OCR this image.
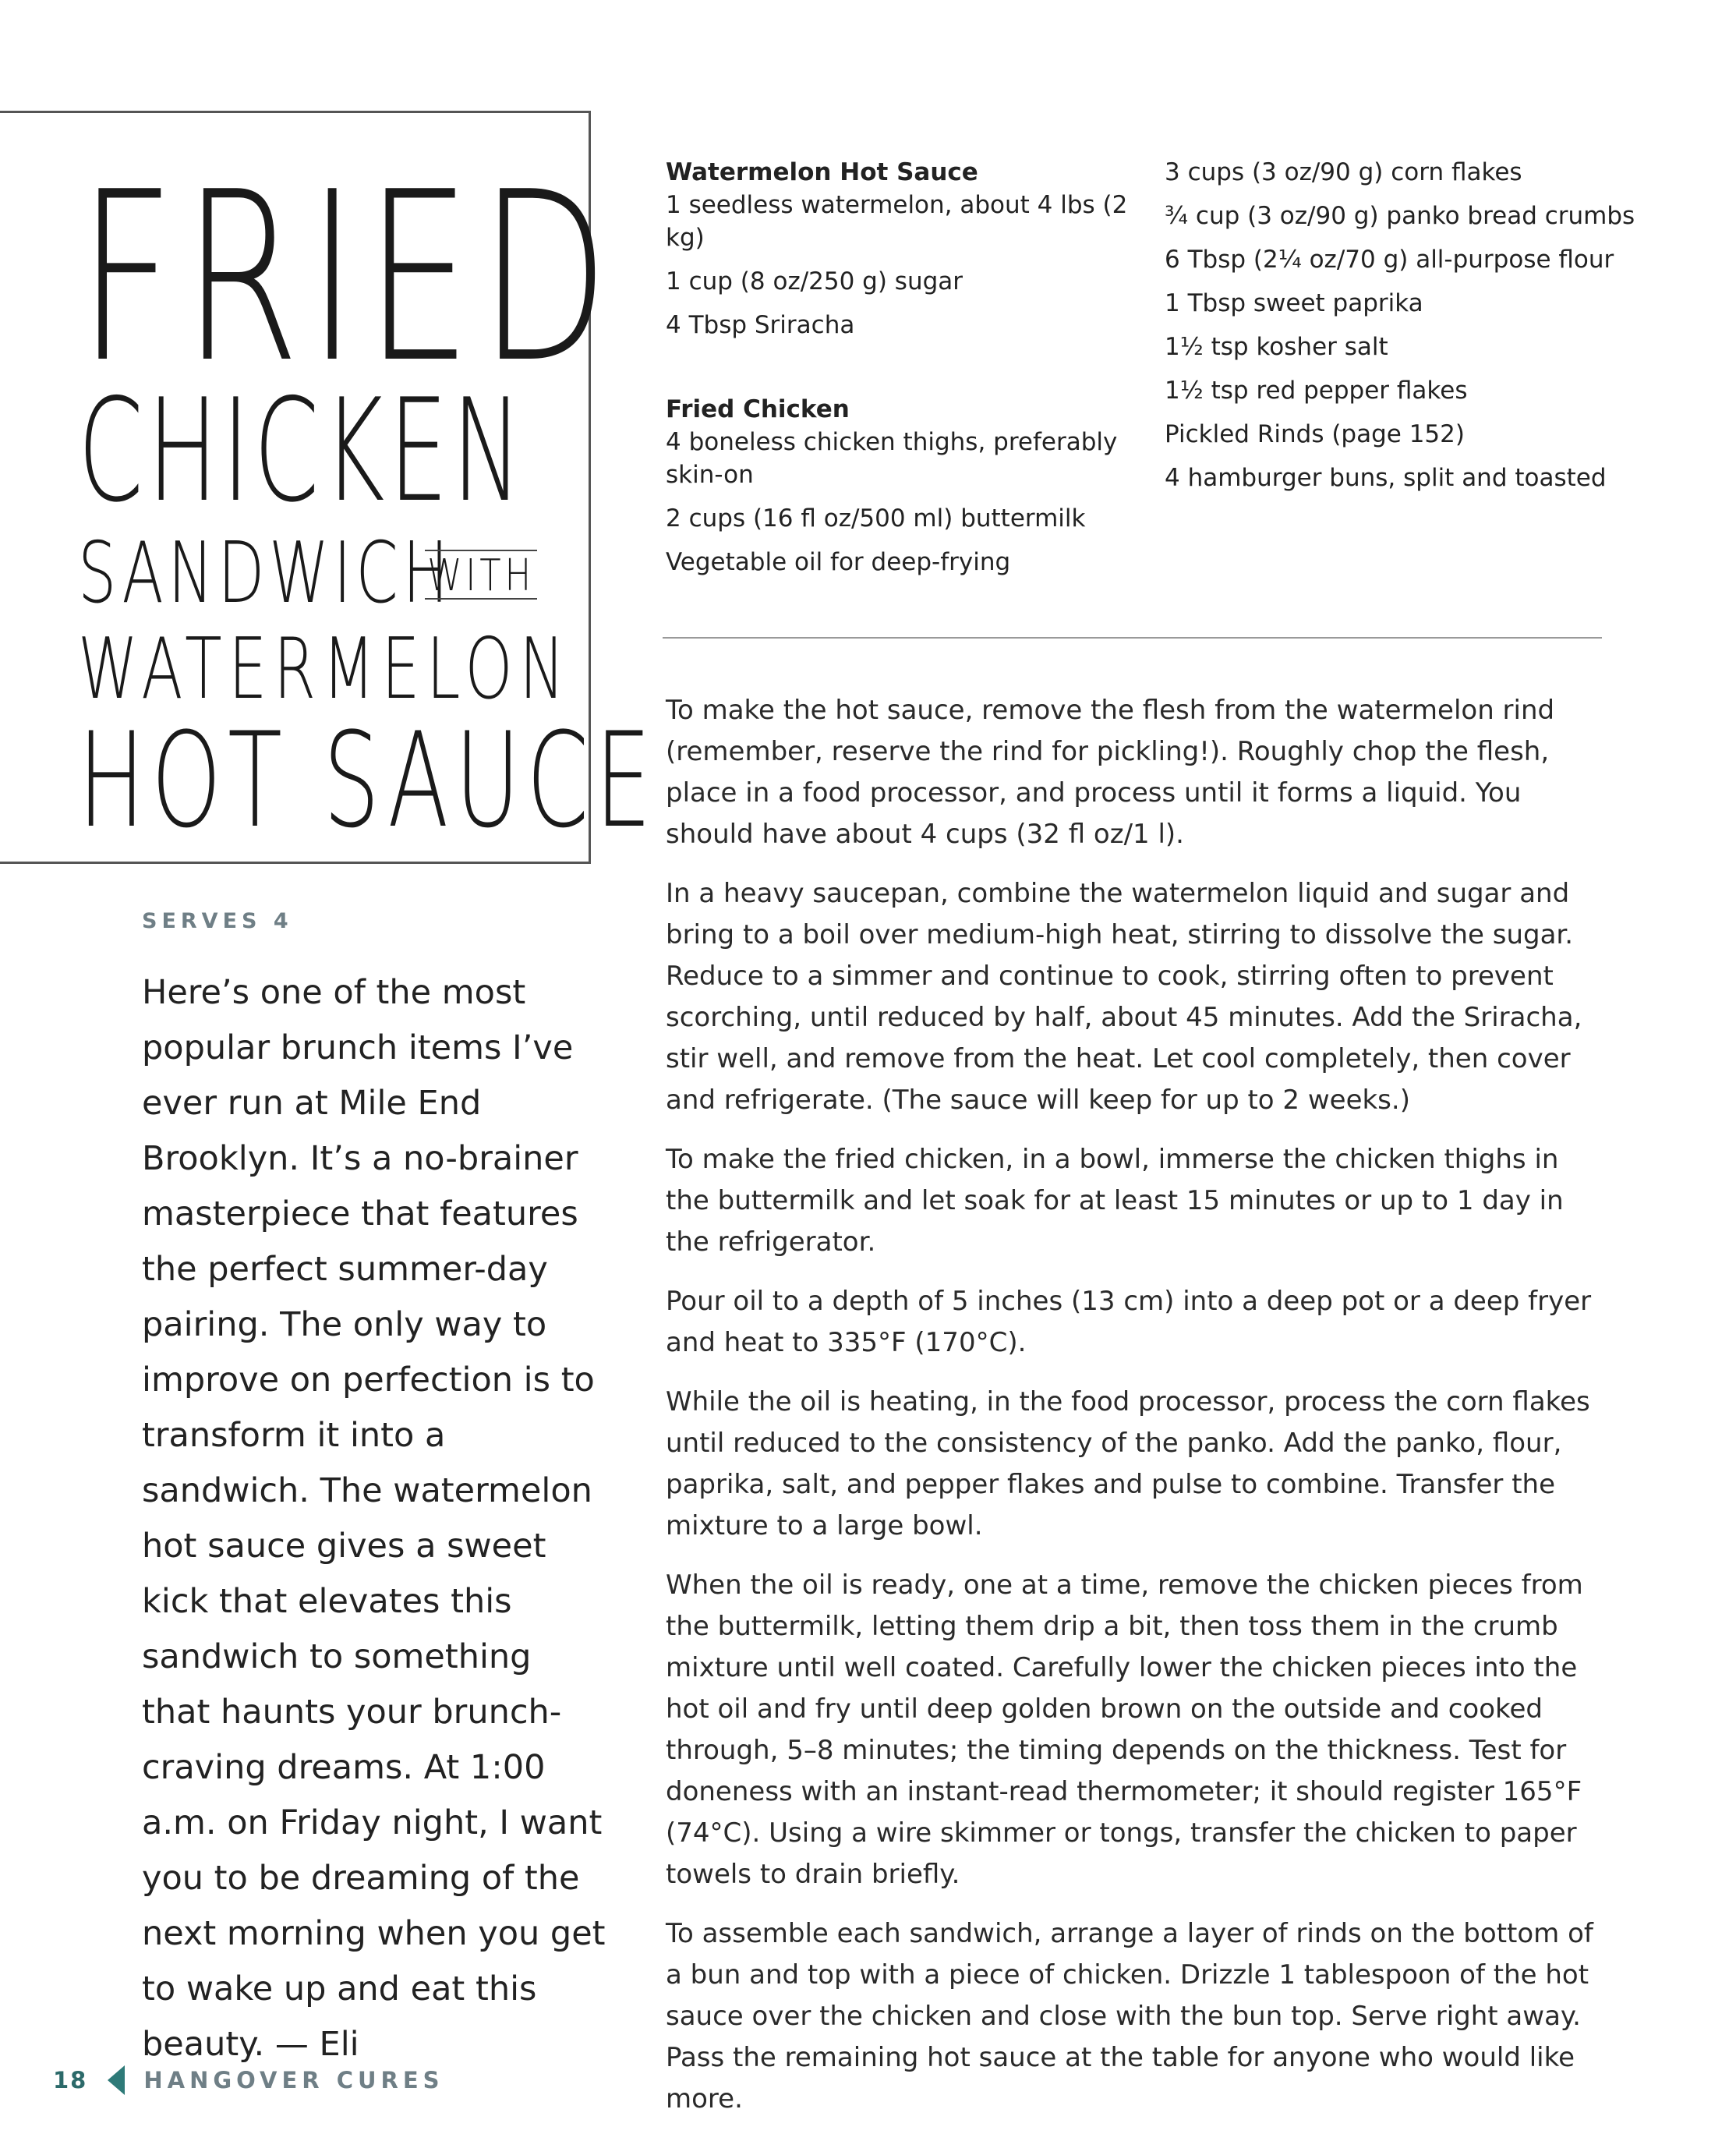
FRIED
CHICKEN
SANDWICH
WITH
WATERMELON
HOT SAUCE
Watermelon Hot Sauce
1 seedless watermelon, about 4 lbs (2 kg)
1 cup (8 oz/250 g) sugar
4 Tbsp Sriracha
Fried Chicken
4 boneless chicken thighs, preferably skin-on
2 cups (16 fl oz/500 ml) buttermilk
Vegetable oil for deep-frying
3 cups (3 oz/90 g) corn flakes
¾ cup (3 oz/90 g) panko bread crumbs
6 Tbsp (2¼ oz/70 g) all-purpose flour
1 Tbsp sweet paprika
1½ tsp kosher salt
1½ tsp red pepper flakes
Pickled Rinds (page 152)
4 hamburger buns, split and toasted

To make the hot sauce, remove the flesh from the watermelon rind (remember, reserve the rind for pickling!). Roughly chop the flesh, place in a food processor, and process until it forms a liquid. You should have about 4 cups (32 fl oz/1 l).

In a heavy saucepan, combine the watermelon liquid and sugar and bring to a boil over medium-high heat, stirring to dissolve the sugar. Reduce to a simmer and continue to cook, stirring often to prevent scorching, until reduced by half, about 45 minutes. Add the Sriracha, stir well, and remove from the heat. Let cool completely, then cover and refrigerate. (The sauce will keep for up to 2 weeks.)

To make the fried chicken, in a bowl, immerse the chicken thighs in the buttermilk and let soak for at least 15 minutes or up to 1 day in the refrigerator.

Pour oil to a depth of 5 inches (13 cm) into a deep pot or a deep fryer and heat to 335°F (170°C).

While the oil is heating, in the food processor, process the corn flakes until reduced to the consistency of the panko. Add the panko, flour, paprika, salt, and pepper flakes and pulse to combine. Transfer the mixture to a large bowl.

When the oil is ready, one at a time, remove the chicken pieces from the buttermilk, letting them drip a bit, then toss them in the crumb mixture until well coated. Carefully lower the chicken pieces into the hot oil and fry until deep golden brown on the outside and cooked through, 5–8 minutes; the timing depends on the thickness. Test for doneness with an instant-read thermometer; it should register 165°F (74°C). Using a wire skimmer or tongs, transfer the chicken to paper towels to drain briefly.

To assemble each sandwich, arrange a layer of rinds on the bottom of a bun and top with a piece of chicken. Drizzle 1 tablespoon of the hot sauce over the chicken and close with the bun top. Serve right away. Pass the remaining hot sauce at the table for anyone who would like more.

SERVES 4
Here’s one of the most popular brunch items I’ve ever run at Mile End Brooklyn. It’s a no-brainer masterpiece that features the perfect summer-day pairing. The only way to improve on perfection is to transform it into a sandwich. The watermelon hot sauce gives a sweet kick that elevates this sandwich to something that haunts your brunch-craving dreams. At 1:00 a.m. on Friday night, I want you to be dreaming of the next morning when you get to wake up and eat this beauty. — Eli
18 HANGOVER CURES
